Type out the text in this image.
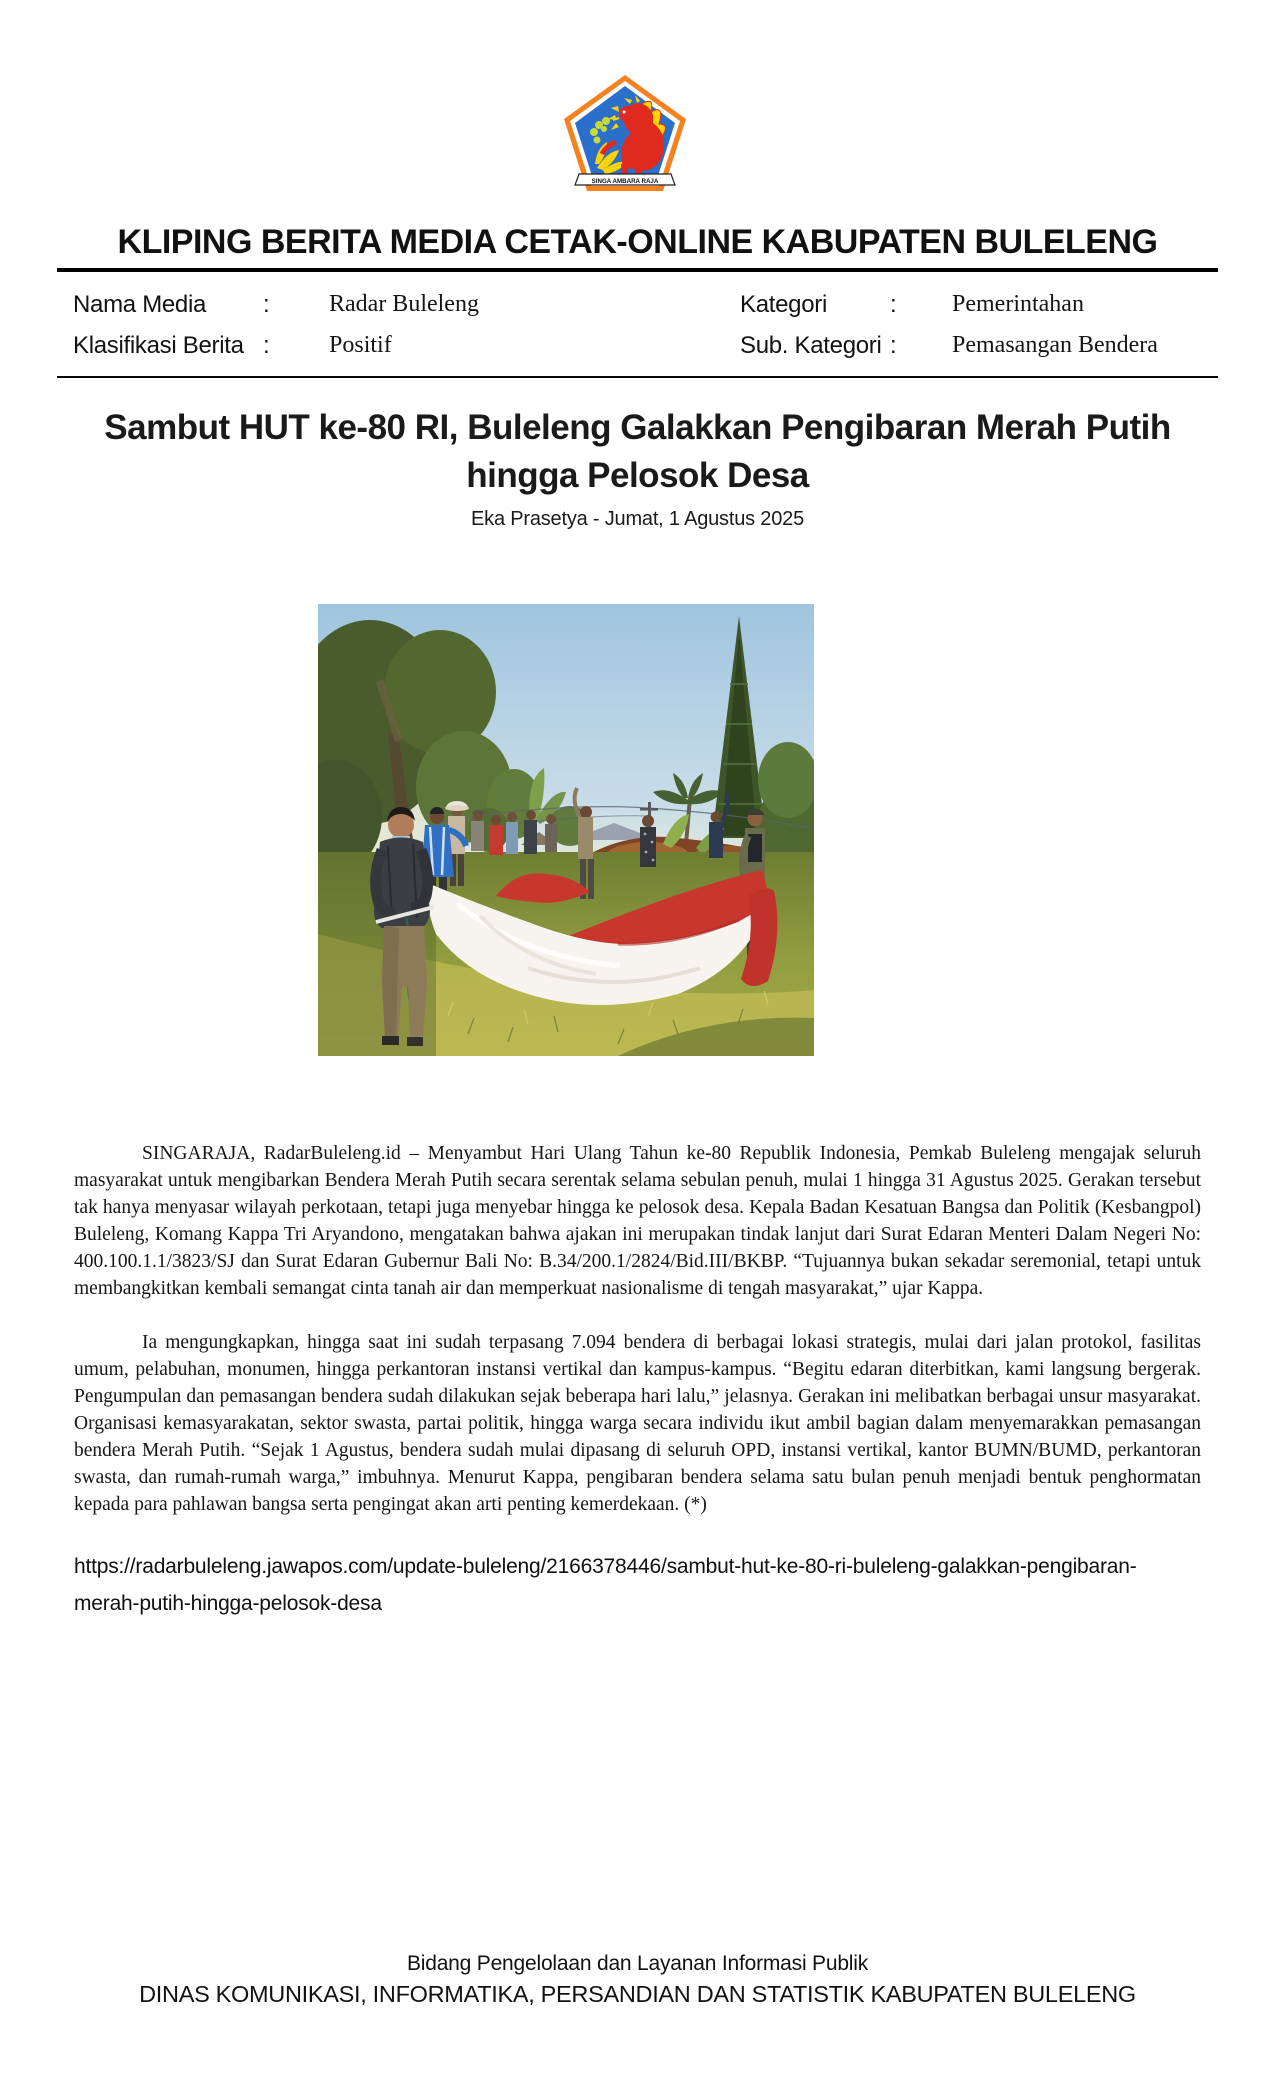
SINGA AMBARA RAJA
KLIPING BERITA MEDIA CETAK-ONLINE KABUPATEN BULELENG
Nama Media	:	Radar Buleleng	Kategori	:	Pemerintahan
Klasifikasi Berita :	Positif	Sub. Kategori :	Pemasangan Bendera
Sambut HUT ke-80 RI, Buleleng Galakkan Pengibaran Merah Putih
hingga Pelosok Desa

Eka Prasetya - Jumat, 1 Agustus 2025

SINGARAJA, RadarBuleleng.id – Menyambut Hari Ulang Tahun ke-80 Republik Indonesia, Pemkab Buleleng mengajak seluruh masyarakat untuk mengibarkan Bendera Merah Putih secara serentak selama sebulan penuh, mulai 1 hingga 31 Agustus 2025. Gerakan tersebut tak hanya menyasar wilayah perkotaan, tetapi juga menyebar hingga ke pelosok desa. Kepala Badan Kesatuan Bangsa dan Politik (Kesbangpol) Buleleng, Komang Kappa Tri Aryandono, mengatakan bahwa ajakan ini merupakan tindak lanjut dari Surat Edaran Menteri Dalam Negeri No: 400.100.1.1/3823/SJ dan Surat Edaran Gubernur Bali No: B.34/200.1/2824/Bid.III/BKBP. “Tujuannya bukan sekadar seremonial, tetapi untuk membangkitkan kembali semangat cinta tanah air dan memperkuat nasionalisme di tengah masyarakat,” ujar Kappa.

Ia mengungkapkan, hingga saat ini sudah terpasang 7.094 bendera di berbagai lokasi strategis, mulai dari jalan protokol, fasilitas umum, pelabuhan, monumen, hingga perkantoran instansi vertikal dan kampus-kampus. “Begitu edaran diterbitkan, kami langsung bergerak. Pengumpulan dan pemasangan bendera sudah dilakukan sejak beberapa hari lalu,” jelasnya. Gerakan ini melibatkan berbagai unsur masyarakat. Organisasi kemasyarakatan, sektor swasta, partai politik, hingga warga secara individu ikut ambil bagian dalam menyemarakkan pemasangan bendera Merah Putih. “Sejak 1 Agustus, bendera sudah mulai dipasang di seluruh OPD, instansi vertikal, kantor BUMN/BUMD, perkantoran swasta, dan rumah-rumah warga,” imbuhnya. Menurut Kappa, pengibaran bendera selama satu bulan penuh menjadi bentuk penghormatan kepada para pahlawan bangsa serta pengingat akan arti penting kemerdekaan. (*)

https://radarbuleleng.jawapos.com/update-buleleng/2166378446/sambut-hut-ke-80-ri-buleleng-galakkan-pengibaran-merah-putih-hingga-pelosok-desa

Bidang Pengelolaan dan Layanan Informasi Publik

DINAS KOMUNIKASI, INFORMATIKA, PERSANDIAN DAN STATISTIK KABUPATEN BULELENG
